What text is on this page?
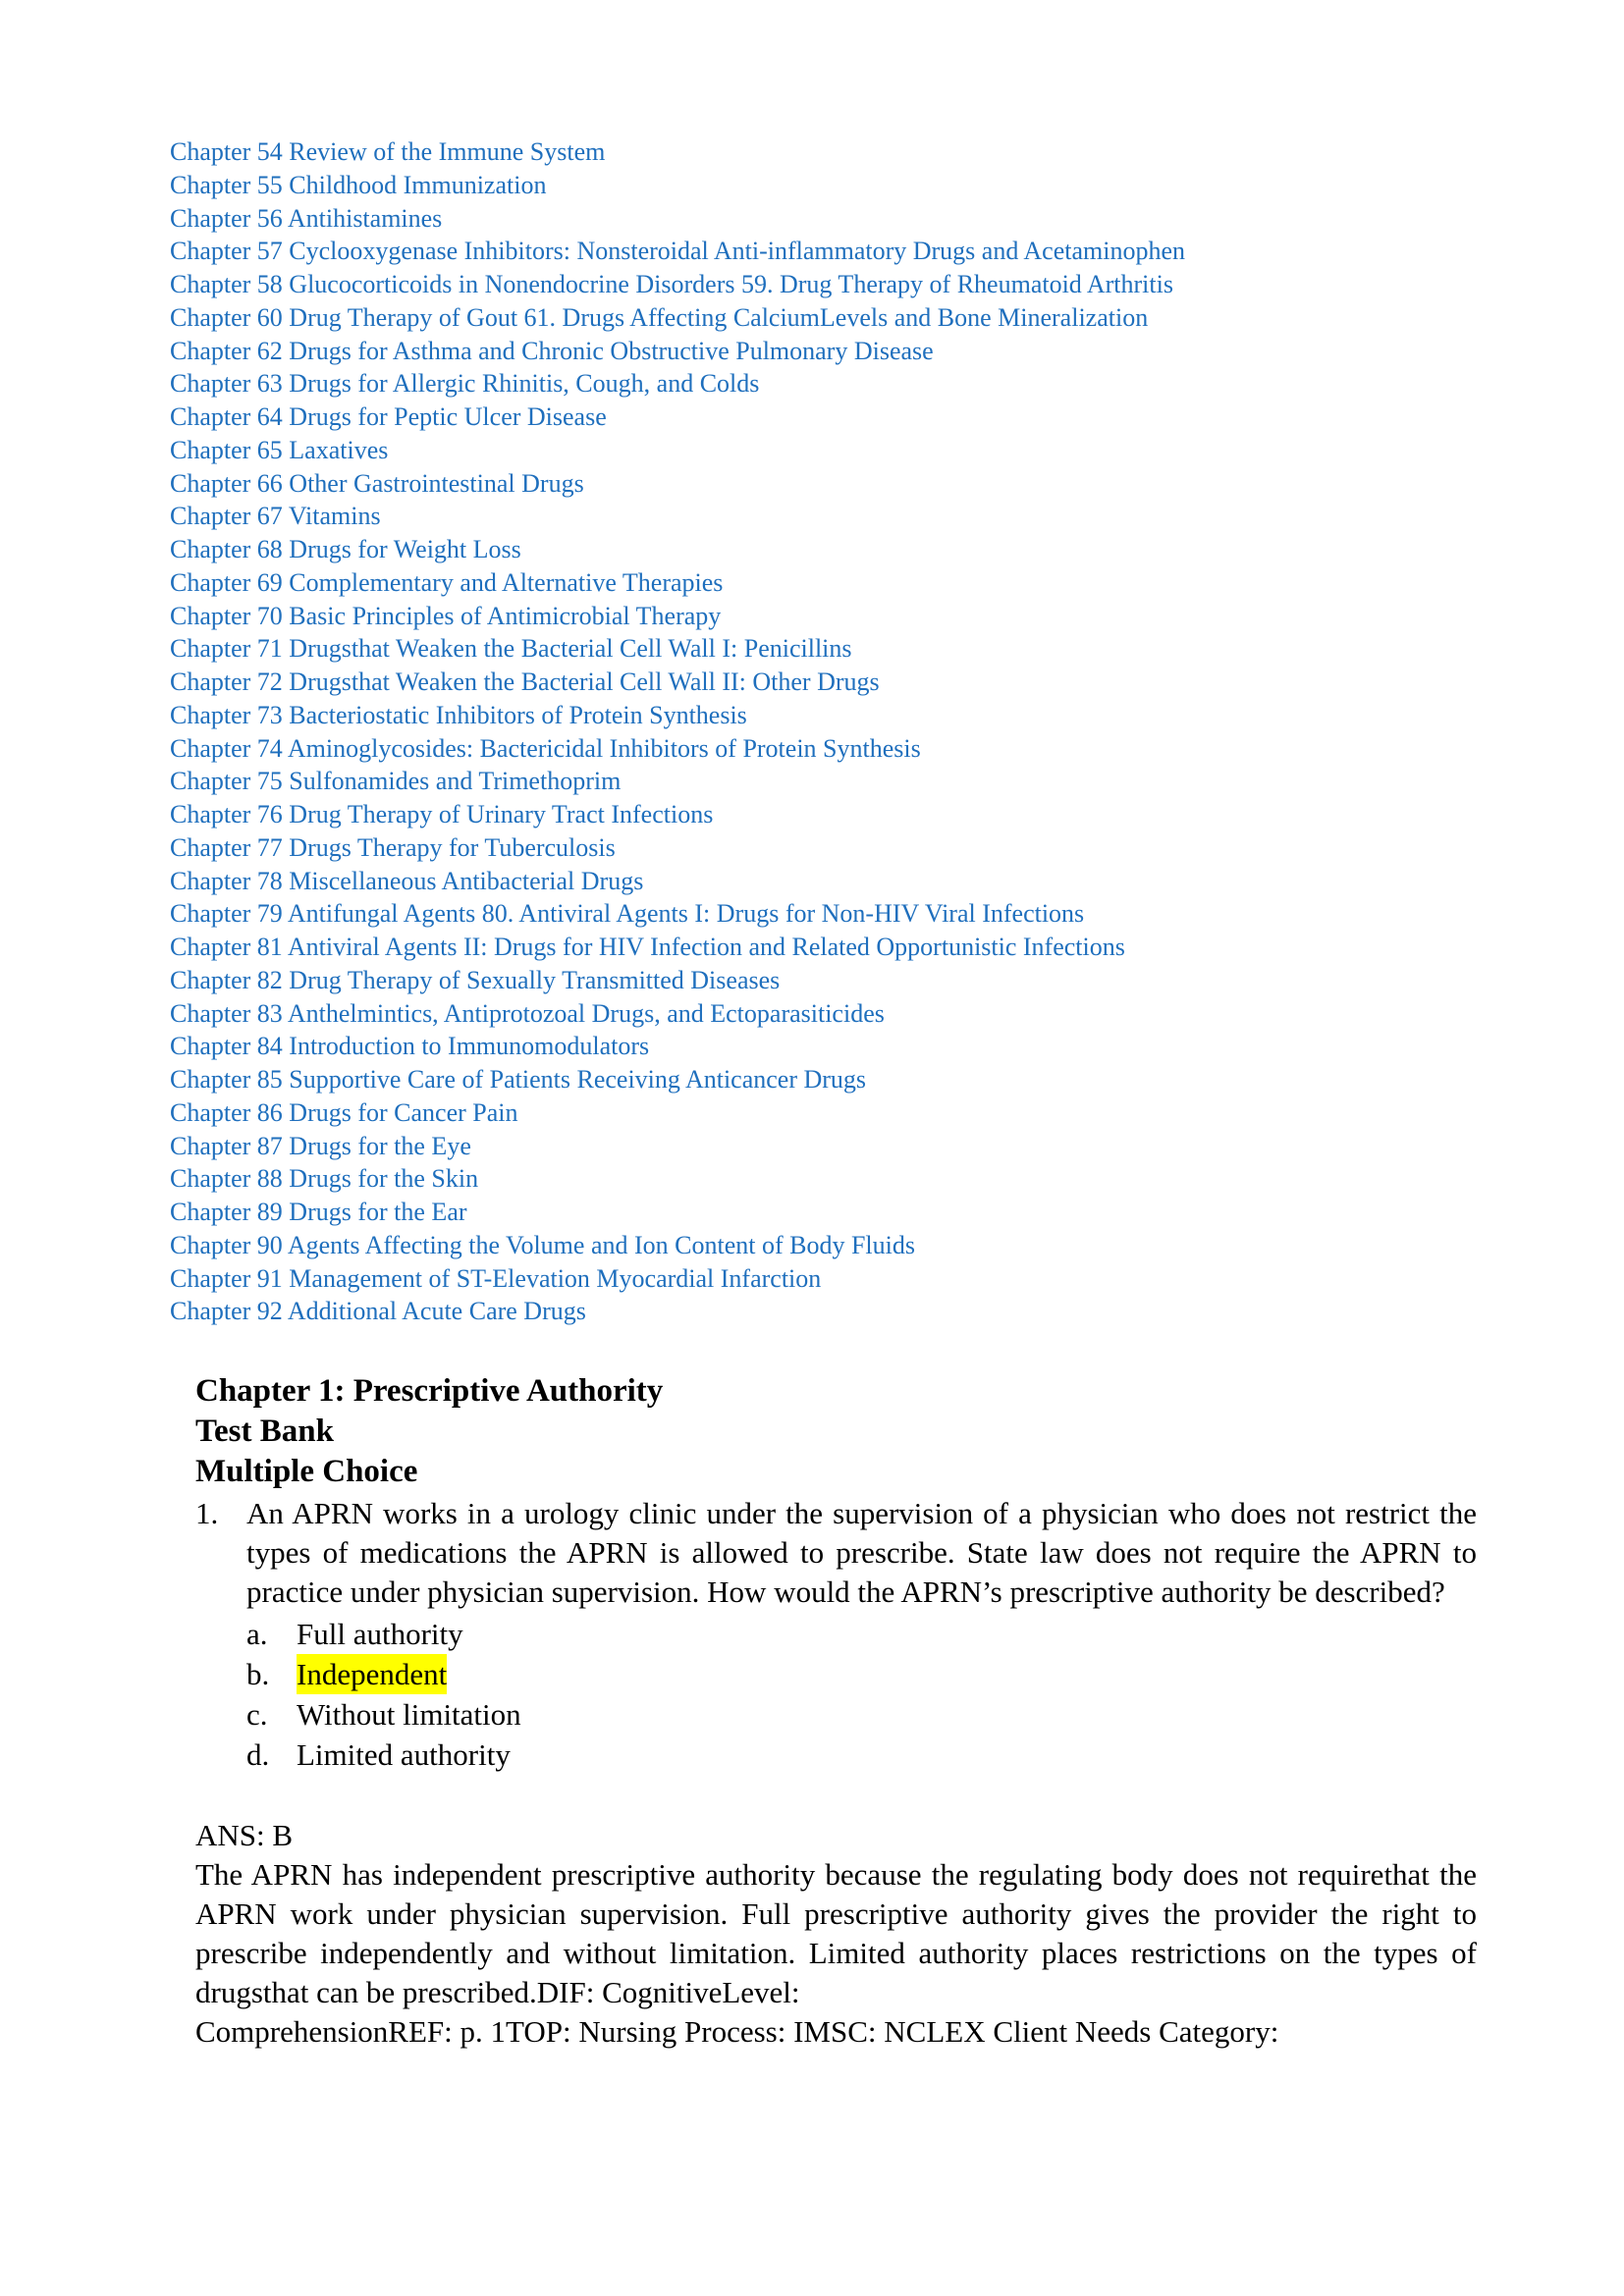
Chapter 54 Review of the Immune System
Chapter 55 Childhood Immunization
Chapter 56 Antihistamines
Chapter 57 Cyclooxygenase Inhibitors: Nonsteroidal Anti-inflammatory Drugs and Acetaminophen
Chapter 58 Glucocorticoids in Nonendocrine Disorders 59. Drug Therapy of Rheumatoid Arthritis
Chapter 60 Drug Therapy of Gout 61. Drugs Affecting CalciumLevels and Bone Mineralization
Chapter 62 Drugs for Asthma and Chronic Obstructive Pulmonary Disease
Chapter 63 Drugs for Allergic Rhinitis, Cough, and Colds
Chapter 64 Drugs for Peptic Ulcer Disease
Chapter 65 Laxatives
Chapter 66 Other Gastrointestinal Drugs
Chapter 67 Vitamins
Chapter 68 Drugs for Weight Loss
Chapter 69 Complementary and Alternative Therapies
Chapter 70 Basic Principles of Antimicrobial Therapy
Chapter 71 Drugsthat Weaken the Bacterial Cell Wall I: Penicillins
Chapter 72 Drugsthat Weaken the Bacterial Cell Wall II: Other Drugs
Chapter 73 Bacteriostatic Inhibitors of Protein Synthesis
Chapter 74 Aminoglycosides: Bactericidal Inhibitors of Protein Synthesis
Chapter 75 Sulfonamides and Trimethoprim
Chapter 76 Drug Therapy of Urinary Tract Infections
Chapter 77 Drugs Therapy for Tuberculosis
Chapter 78 Miscellaneous Antibacterial Drugs
Chapter 79 Antifungal Agents 80. Antiviral Agents I: Drugs for Non-HIV Viral Infections
Chapter 81 Antiviral Agents II: Drugs for HIV Infection and Related Opportunistic Infections
Chapter 82 Drug Therapy of Sexually Transmitted Diseases
Chapter 83 Anthelmintics, Antiprotozoal Drugs, and Ectoparasiticides
Chapter 84 Introduction to Immunomodulators
Chapter 85 Supportive Care of Patients Receiving Anticancer Drugs
Chapter 86 Drugs for Cancer Pain
Chapter 87 Drugs for the Eye
Chapter 88 Drugs for the Skin
Chapter 89 Drugs for the Ear
Chapter 90 Agents Affecting the Volume and Ion Content of Body Fluids
Chapter 91 Management of ST-Elevation Myocardial Infarction
Chapter 92 Additional Acute Care Drugs
Chapter 1: Prescriptive Authority
Test Bank
Multiple Choice
1. An APRN works in a urology clinic under the supervision of a physician who does not restrict the types of medications the APRN is allowed to prescribe. State law does not require the APRN to practice under physician supervision. How would the APRN’s prescriptive authority be described?
a. Full authority
b. Independent
c. Without limitation
d. Limited authority
ANS: B

The APRN has independent prescriptive authority because the regulating body does not requirethat the APRN work under physician supervision. Full prescriptive authority gives the provider the right to prescribe independently and without limitation. Limited authority places restrictions on the types of drugsthat can be prescribed.DIF: CognitiveLevel:

ComprehensionREF: p. 1TOP: Nursing Process: IMSC: NCLEX Client Needs Category:
